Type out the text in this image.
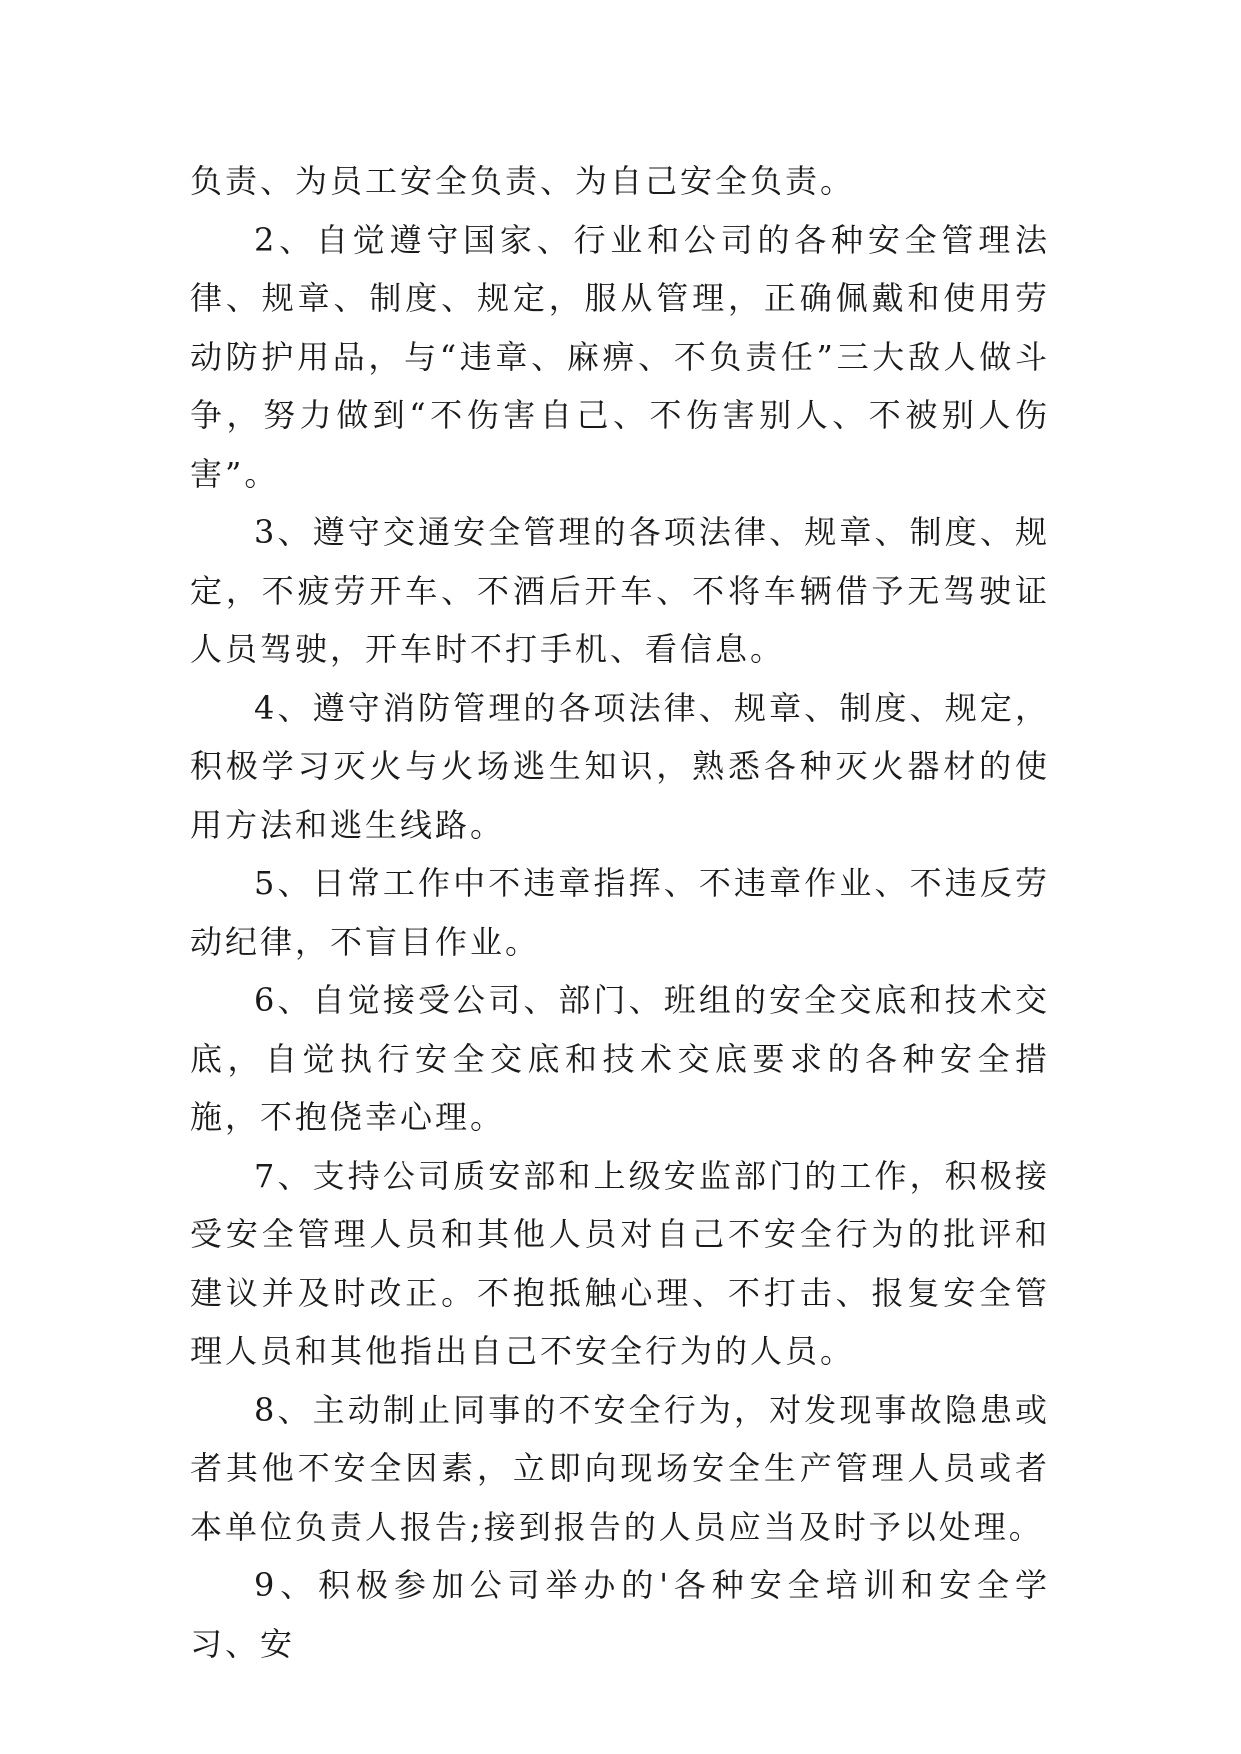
负责、为员工安全负责、为自己安全负责。

2、自觉遵守国家、行业和公司的各种安全管理法律、规章、制度、规定，服从管理，正确佩戴和使用劳动防护用品，与“违章、麻痹、不负责任”三大敌人做斗争，努力做到“不伤害自己、不伤害别人、不被别人伤害”。

3、遵守交通安全管理的各项法律、规章、制度、规定，不疲劳开车、不酒后开车、不将车辆借予无驾驶证人员驾驶，开车时不打手机、看信息。

4、遵守消防管理的各项法律、规章、制度、规定，积极学习灭火与火场逃生知识，熟悉各种灭火器材的使用方法和逃生线路。

5、日常工作中不违章指挥、不违章作业、不违反劳动纪律，不盲目作业。

6、自觉接受公司、部门、班组的安全交底和技术交底，自觉执行安全交底和技术交底要求的各种安全措施，不抱侥幸心理。

7、支持公司质安部和上级安监部门的工作，积极接受安全管理人员和其他人员对自己不安全行为的批评和建议并及时改正。不抱抵触心理、不打击、报复安全管理人员和其他指出自己不安全行为的人员。

8、主动制止同事的不安全行为，对发现事故隐患或者其他不安全因素，立即向现场安全生产管理人员或者本单位负责人报告;接到报告的人员应当及时予以处理。

9、积极参加公司举办的'各种安全培训和安全学习、安
